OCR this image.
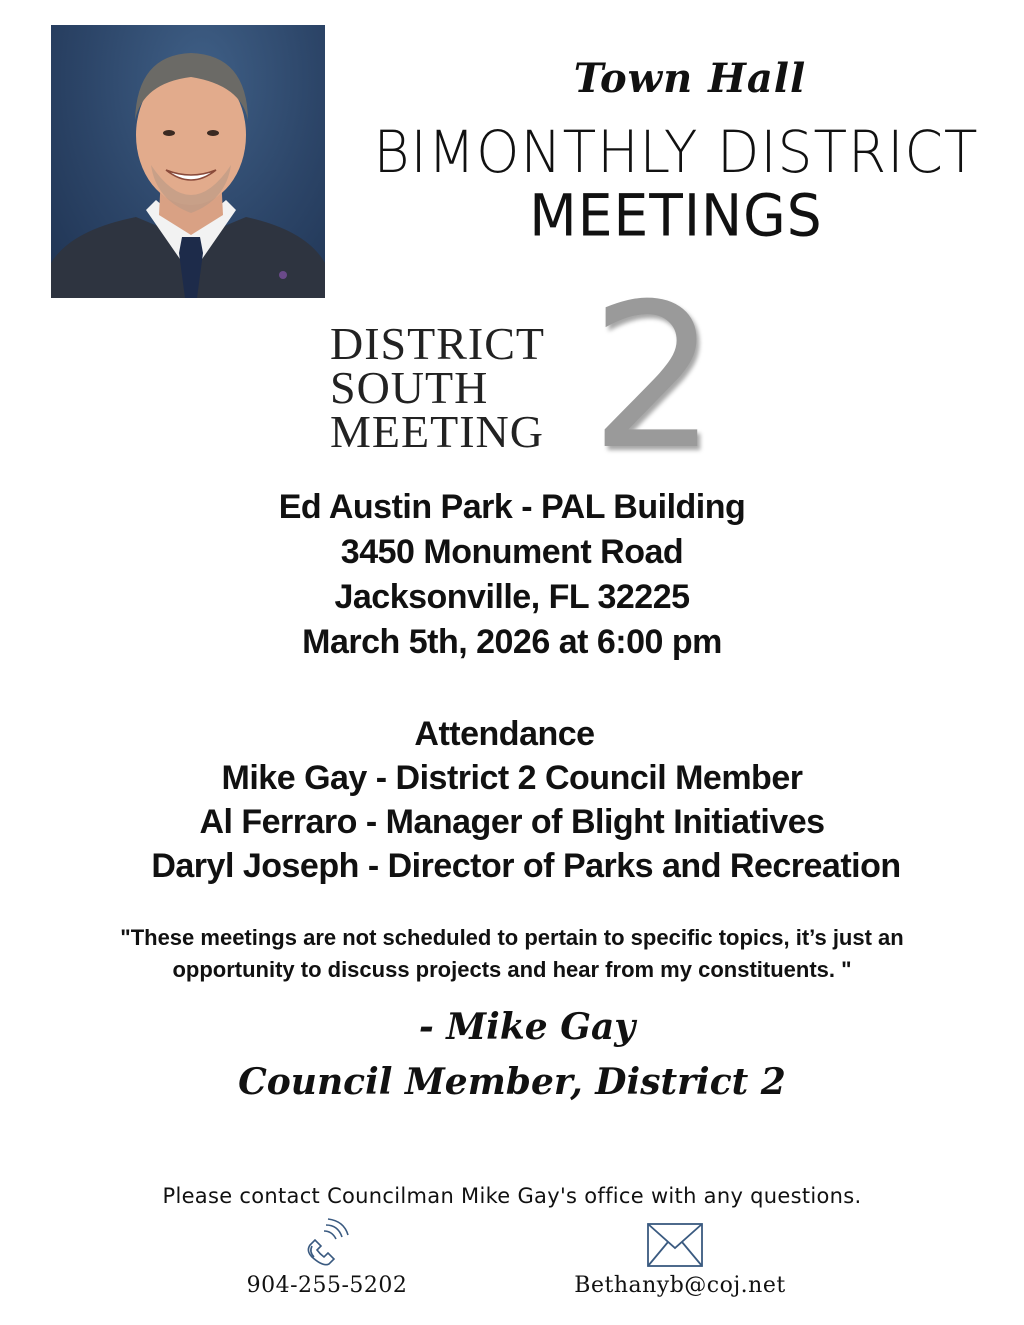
Town Hall
BIMONTHLY DISTRICT
MEETINGS
DISTRICT
SOUTH
MEETING 2
Ed Austin Park - PAL Building
3450 Monument Road
Jacksonville, FL 32225
March 5th, 2026 at 6:00 pm
Attendance
Mike Gay - District 2 Council Member
Al Ferraro - Manager of Blight Initiatives
Daryl Joseph - Director of Parks and Recreation
"These meetings are not scheduled to pertain to specific topics, it’s just an
opportunity to discuss projects and hear from my constituents. "
- Mike Gay
Council Member, District 2
Please contact Councilman Mike Gay's office with any questions.
904-255-5202	Bethanyb@coj.net
